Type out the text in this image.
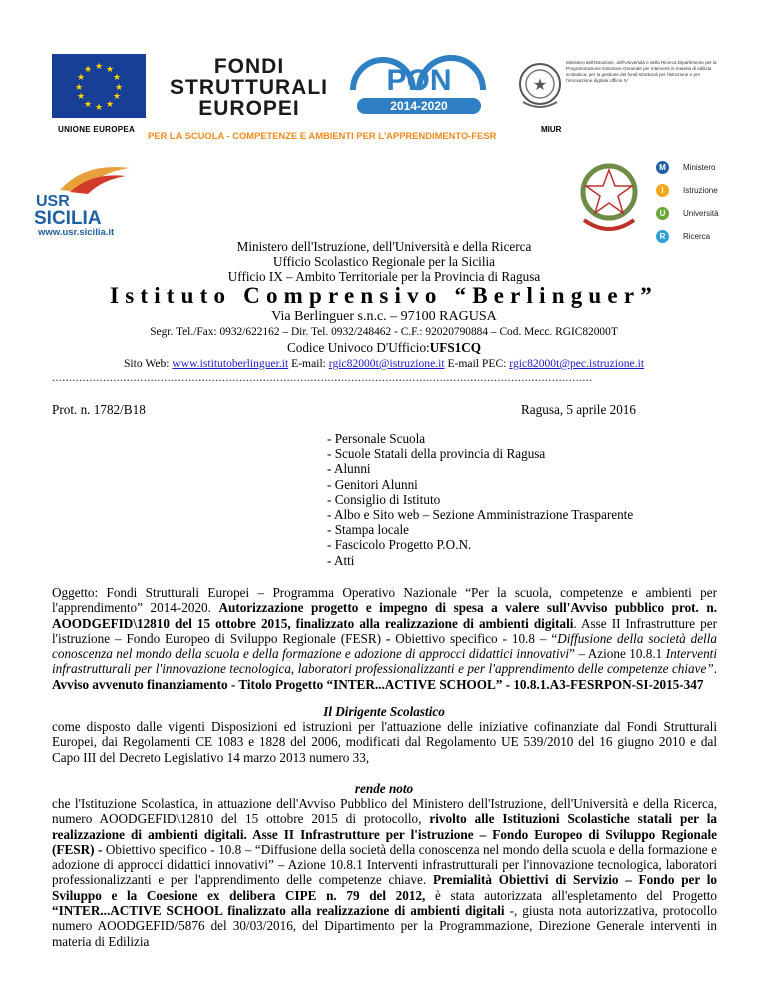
★ ★
★
★
★
★
★
★
★
★
★
★
UNIONE EUROPEA
FONDI
STRUTTURALI
EUROPEI
PON
2014-2020
★
Ministero dell'Istruzione, dell'Università e della Ricerca Dipartimento per la Programmazione Direzione Generale per interventi in materia di edilizia scolastica, per la gestione dei fondi strutturali per l'istruzione e per l'innovazione digitale Ufficio IV
MIUR
PER LA SCUOLA - COMPETENZE E AMBIENTI PER L'APPRENDIMENTO-FESR
USR
SICILIA
www.usr.sicilia.it
M	Ministero
I	Istruzione
U	Università
R	Ricerca
Ministero dell'Istruzione, dell'Università e della Ricerca
Ufficio Scolastico Regionale per la Sicilia
Ufficio IX – Ambito Territoriale per la Provincia di Ragusa
Istituto Comprensivo “Berlinguer”
Via Berlinguer s.n.c. – 97100 RAGUSA
Segr. Tel./Fax: 0932/622162 – Dir. Tel. 0932/248462 - C.F.: 92020790884 – Cod. Mecc. RGIC82000T
Codice Univoco D'Ufficio:UFS1CQ
Sito Web: www.istitutoberlinguer.it E-mail: rgic82000t@istruzione.it E-mail PEC: rgic82000t@pec.istruzione.it
...............................................................................................................................................................
Prot. n. 1782/B18	Ragusa, 5 aprile 2016
- Personale Scuola
- Scuole Statali della provincia di Ragusa
- Alunni
- Genitori Alunni
- Consiglio di Istituto
- Albo e Sito web – Sezione Amministrazione Trasparente
- Stampa locale
- Fascicolo Progetto P.O.N.
- Atti
Oggetto: Fondi Strutturali Europei – Programma Operativo Nazionale “Per la scuola, competenze e ambienti per l'apprendimento” 2014-2020. Autorizzazione progetto e impegno di spesa a valere sull'Avviso pubblico prot. n. AOODGEFID\12810 del 15 ottobre 2015, finalizzato alla realizzazione di ambienti digitali. Asse II Infrastrutture per l'istruzione – Fondo Europeo di Sviluppo Regionale (FESR) - Obiettivo specifico - 10.8 – “Diffusione della società della conoscenza nel mondo della scuola e della formazione e adozione di approcci didattici innovativi” – Azione 10.8.1 Interventi infrastrutturali per l'innovazione tecnologica, laboratori professionalizzanti e per l'apprendimento delle competenze chiave”. Avviso avvenuto finanziamento - Titolo Progetto “INTER...ACTIVE SCHOOL” - 10.8.1.A3-FESRPON-SI-2015-347
Il Dirigente Scolastico
come disposto dalle vigenti Disposizioni ed istruzioni per l'attuazione delle iniziative cofinanziate dal Fondi Strutturali Europei, dai Regolamenti CE 1083 e 1828 del 2006, modificati dal Regolamento UE 539/2010 del 16 giugno 2010 e dal Capo III del Decreto Legislativo 14 marzo 2013 numero 33,
rende noto
che l'Istituzione Scolastica, in attuazione dell'Avviso Pubblico del Ministero dell'Istruzione, dell'Università e della Ricerca, numero AOODGEFID\12810 del 15 ottobre 2015 di protocollo, rivolto alle Istituzioni Scolastiche statali per la realizzazione di ambienti digitali. Asse II Infrastrutture per l'istruzione – Fondo Europeo di Sviluppo Regionale (FESR) - Obiettivo specifico - 10.8 – “Diffusione della società della conoscenza nel mondo della scuola e della formazione e adozione di approcci didattici innovativi” – Azione 10.8.1 Interventi infrastrutturali per l'innovazione tecnologica, laboratori professionalizzanti e per l'apprendimento delle competenze chiave. Premialità Obiettivi di Servizio – Fondo per lo Sviluppo e la Coesione ex delibera CIPE n. 79 del 2012, è stata autorizzata all'espletamento del Progetto “INTER...ACTIVE SCHOOL finalizzato alla realizzazione di ambienti digitali -, giusta nota autorizzativa, protocollo numero AOODGEFID/5876 del 30/03/2016, del Dipartimento per la Programmazione, Direzione Generale interventi in materia di Edilizia
